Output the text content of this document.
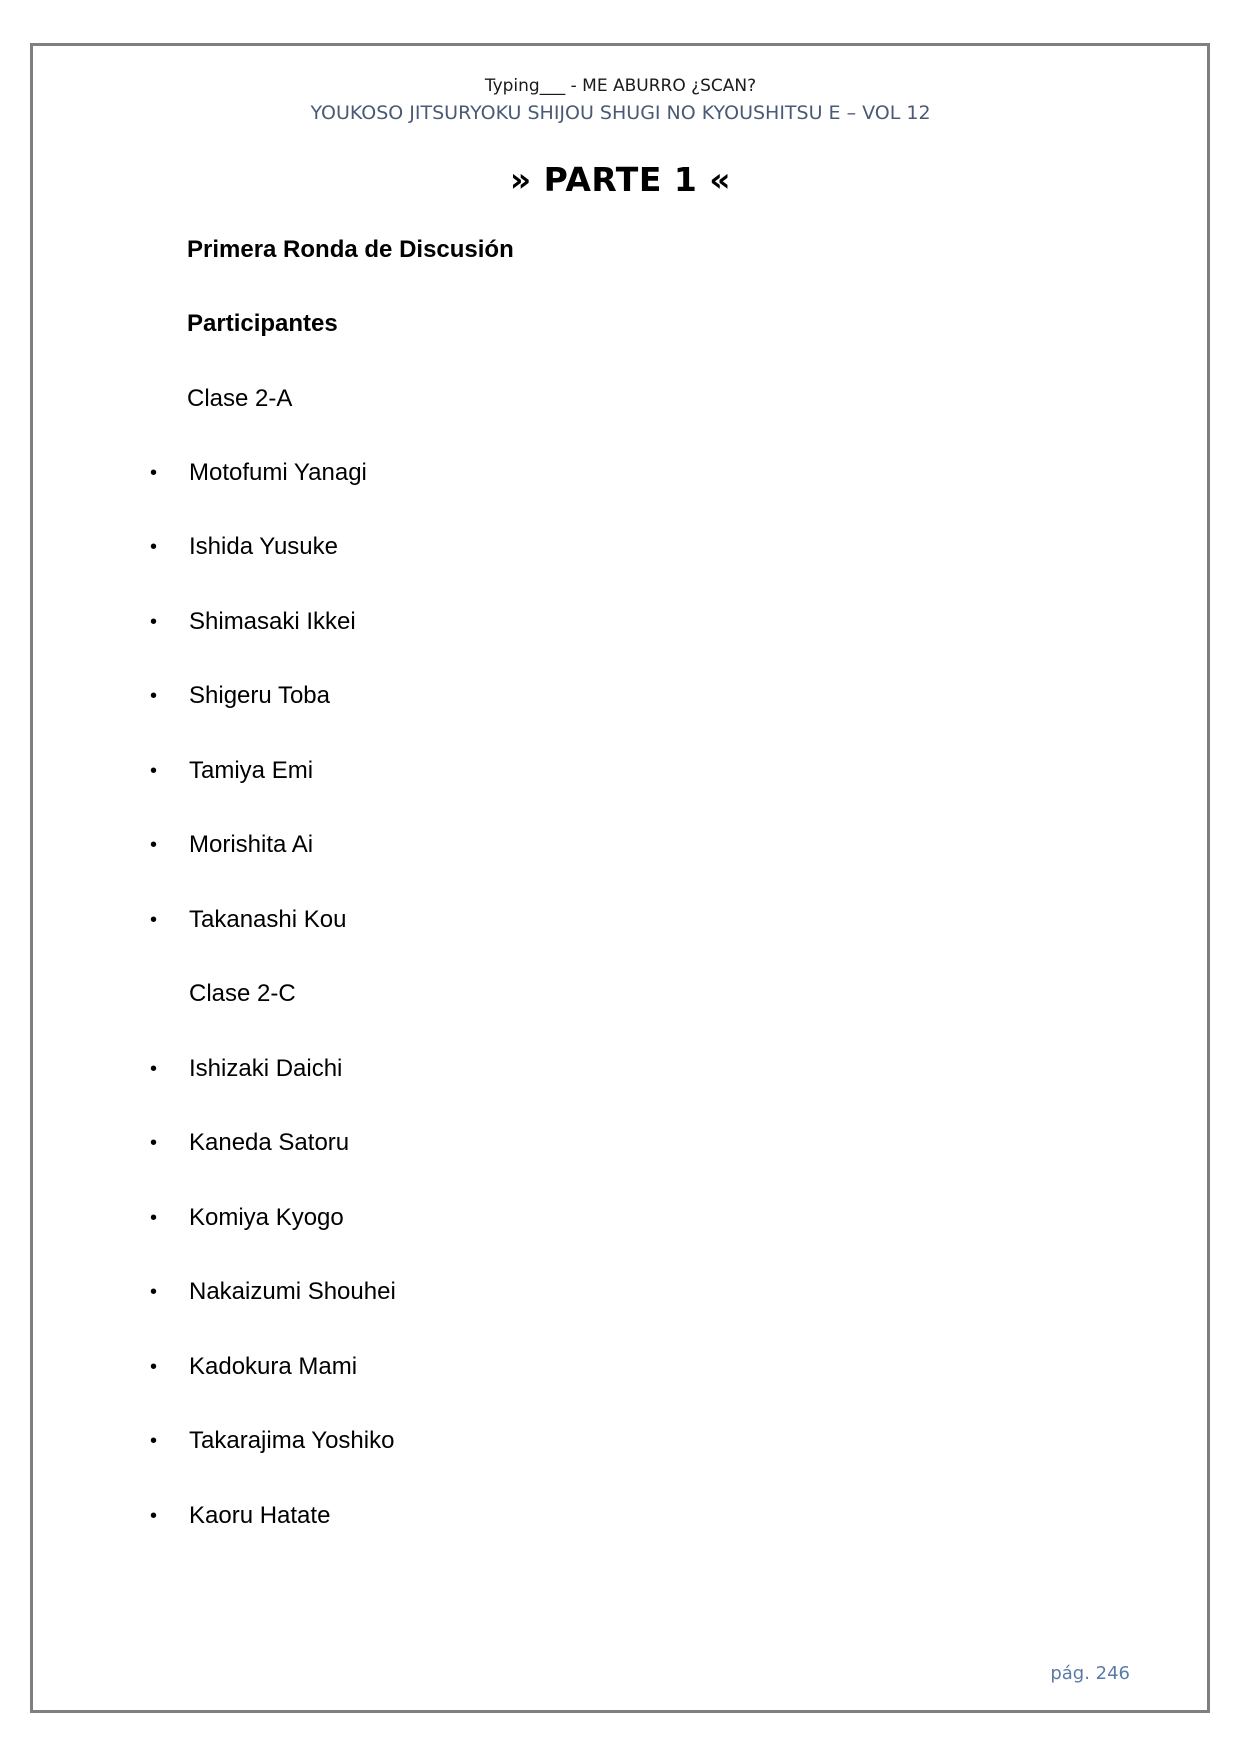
Typing___ - ME ABURRO ¿SCAN?
YOUKOSO JITSURYOKU SHIJOU SHUGI NO KYOUSHITSU E – VOL 12
» PARTE 1 «
Primera Ronda de Discusión
Participantes
Clase 2-A
• Motofumi Yanagi
• Ishida Yusuke
• Shimasaki Ikkei
• Shigeru Toba
• Tamiya Emi
• Morishita Ai
• Takanashi Kou
Clase 2-C
• Ishizaki Daichi
• Kaneda Satoru
• Komiya Kyogo
• Nakaizumi Shouhei
• Kadokura Mami
• Takarajima Yoshiko
• Kaoru Hatate
pág. 246
